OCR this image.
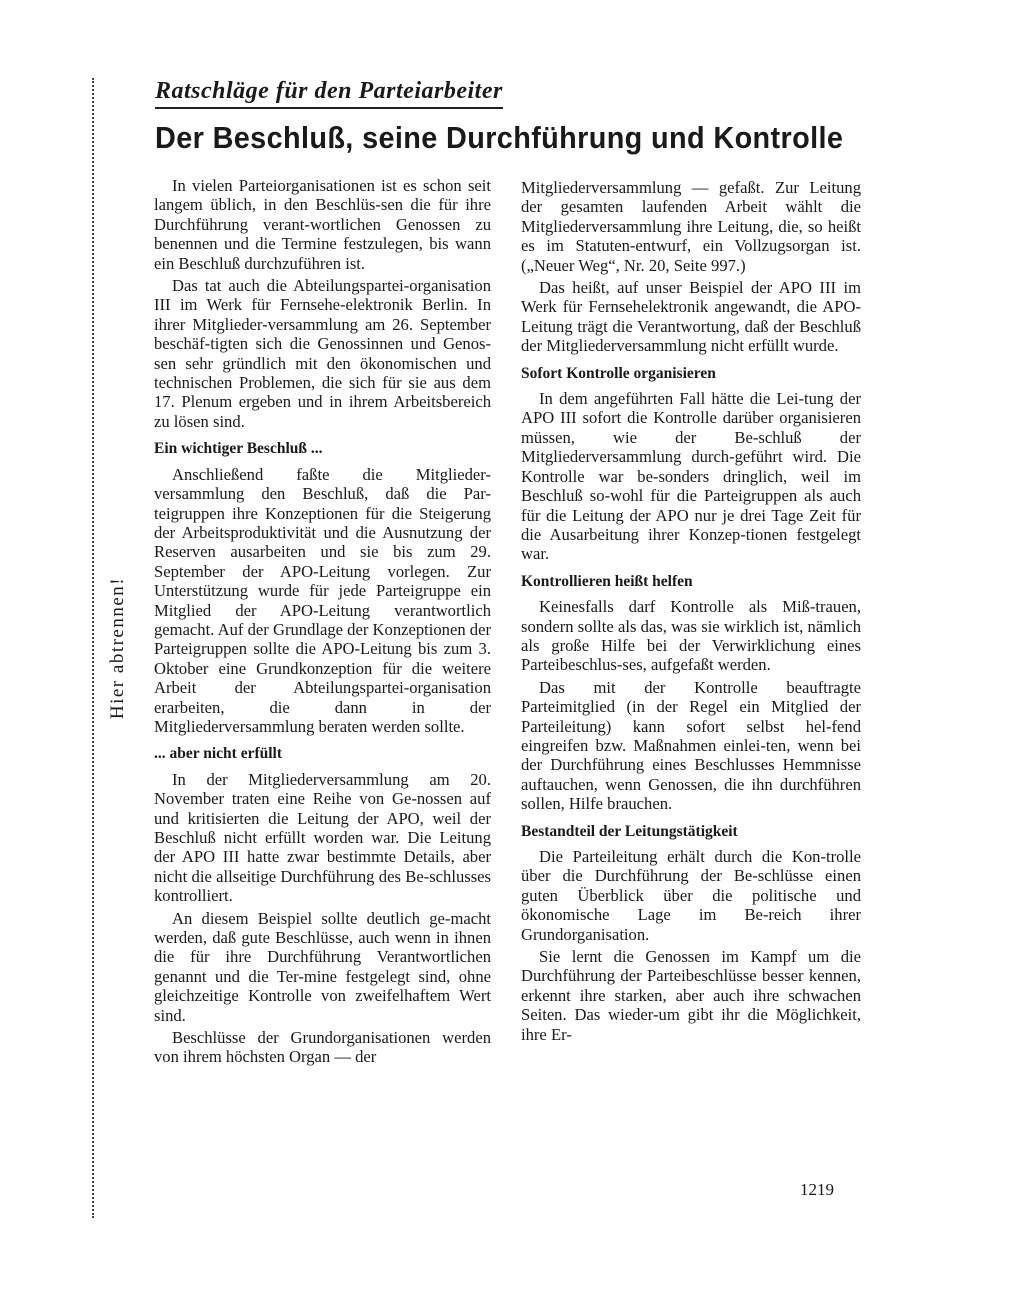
Hier abtrennen!
Ratschläge für den Parteiarbeiter
Der Beschluß, seine Durchführung und Kontrolle

In vielen Parteiorganisationen ist es schon seit langem üblich, in den Beschlüs-sen die für ihre Durchführung verant-wortlichen Genossen zu benennen und die Termine festzulegen, bis wann ein Beschluß durchzuführen ist.

Das tat auch die Abteilungspartei-organisation III im Werk für Fernsehe-elektronik Berlin. In ihrer Mitglieder-versammlung am 26. September beschäf-tigten sich die Genossinnen und Genos-sen sehr gründlich mit den ökonomischen und technischen Problemen, die sich für sie aus dem 17. Plenum ergeben und in ihrem Arbeitsbereich zu lösen sind.

Ein wichtiger Beschluß ...

Anschließend faßte die Mitglieder-versammlung den Beschluß, daß die Par-teigruppen ihre Konzeptionen für die Steigerung der Arbeitsproduktivität und die Ausnutzung der Reserven ausarbeiten und sie bis zum 29. September der APO-Leitung vorlegen. Zur Unterstützung wurde für jede Parteigruppe ein Mitglied der APO-Leitung verantwortlich gemacht. Auf der Grundlage der Konzeptionen der Parteigruppen sollte die APO-Leitung bis zum 3. Oktober eine Grundkonzeption für die weitere Arbeit der Abteilungspartei-organisation erarbeiten, die dann in der Mitgliederversammlung beraten werden sollte.

... aber nicht erfüllt

In der Mitgliederversammlung am 20. November traten eine Reihe von Ge-nossen auf und kritisierten die Leitung der APO, weil der Beschluß nicht erfüllt worden war. Die Leitung der APO III hatte zwar bestimmte Details, aber nicht die allseitige Durchführung des Be-schlusses kontrolliert.

An diesem Beispiel sollte deutlich ge-macht werden, daß gute Beschlüsse, auch wenn in ihnen die für ihre Durchführung Verantwortlichen genannt und die Ter-mine festgelegt sind, ohne gleichzeitige Kontrolle von zweifelhaftem Wert sind.

Beschlüsse der Grundorganisationen werden von ihrem höchsten Organ — der

Mitgliederversammlung — gefaßt. Zur Leitung der gesamten laufenden Arbeit wählt die Mitgliederversammlung ihre Leitung, die, so heißt es im Statuten-entwurf, ein Vollzugsorgan ist. („Neuer Weg“, Nr. 20, Seite 997.)

Das heißt, auf unser Beispiel der APO III im Werk für Fernsehelektronik angewandt, die APO-Leitung trägt die Verantwortung, daß der Beschluß der Mitgliederversammlung nicht erfüllt wurde.

Sofort Kontrolle organisieren

In dem angeführten Fall hätte die Lei-tung der APO III sofort die Kontrolle darüber organisieren müssen, wie der Be-schluß der Mitgliederversammlung durch-geführt wird. Die Kontrolle war be-sonders dringlich, weil im Beschluß so-wohl für die Parteigruppen als auch für die Leitung der APO nur je drei Tage Zeit für die Ausarbeitung ihrer Konzep-tionen festgelegt war.

Kontrollieren heißt helfen

Keinesfalls darf Kontrolle als Miß-trauen, sondern sollte als das, was sie wirklich ist, nämlich als große Hilfe bei der Verwirklichung eines Parteibeschlus-ses, aufgefaßt werden.

Das mit der Kontrolle beauftragte Parteimitglied (in der Regel ein Mitglied der Parteileitung) kann sofort selbst hel-fend eingreifen bzw. Maßnahmen einlei-ten, wenn bei der Durchführung eines Beschlusses Hemmnisse auftauchen, wenn Genossen, die ihn durchführen sollen, Hilfe brauchen.

Bestandteil der Leitungstätigkeit

Die Parteileitung erhält durch die Kon-trolle über die Durchführung der Be-schlüsse einen guten Überblick über die politische und ökonomische Lage im Be-reich ihrer Grundorganisation.

Sie lernt die Genossen im Kampf um die Durchführung der Parteibeschlüsse besser kennen, erkennt ihre starken, aber auch ihre schwachen Seiten. Das wieder-um gibt ihr die Möglichkeit, ihre Er-

1219
